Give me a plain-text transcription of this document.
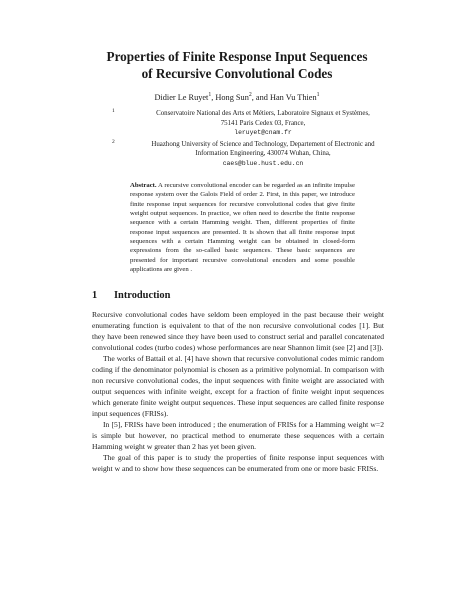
Properties of Finite Response Input Sequences
of Recursive Convolutional Codes
Didier Le Ruyet$^1$, Hong Sun$^2$, and Han Vu Thien$^1$
1	Conservatoire National des Arts et Métiers, Laboratoire Signaux et Systèmes,
75141 Paris Cedex 03, France,
leruyet@cnam.fr
2	Huazhong University of Science and Technology, Departement of Electronic and
Information Engineering, 430074 Wuhan, China,
caes@blue.hust.edu.cn
Abstract. A recursive convolutional encoder can be regarded as an infinite impulse response system over the Galois Field of order 2. First, in this paper, we introduce finite response input sequences for recursive convolutional codes that give finite weight output sequences. In practice, we often need to describe the finite response sequence with a certain Hamming weight. Then, different properties of finite response input sequences are presented. It is shown that all finite response input sequences with a certain Hamming weight can be obtained in closed-form expressions from the so-called basic sequences. These basic sequences are presented for important recursive convolutional encoders and some possible applications are given .
1 Introduction

Recursive convolutional codes have seldom been employed in the past because their weight enumerating function is equivalent to that of the non recursive convolutional codes [1]. But they have been renewed since they have been used to construct serial and parallel concatenated convolutional codes (turbo codes) whose performances are near Shannon limit (see [2] and [3]).

The works of Battail et al. [4] have shown that recursive convolutional codes mimic random coding if the denominator polynomial is chosen as a primitive polynomial. In comparison with non recursive convolutional codes, the input sequences with finite weight are associated with output sequences with infinite weight, except for a fraction of finite weight input sequences which generate finite weight output sequences. These input sequences are called finite response input sequences (FRISs).

In [5], FRISs have been introduced ; the enumeration of FRISs for a Hamming weight w=2 is simple but however, no practical method to enumerate these sequences with a certain Hamming weight w greater than 2 has yet been given.

The goal of this paper is to study the properties of finite response input sequences with weight w and to show how these sequences can be enumerated from one or more basic FRISs.
